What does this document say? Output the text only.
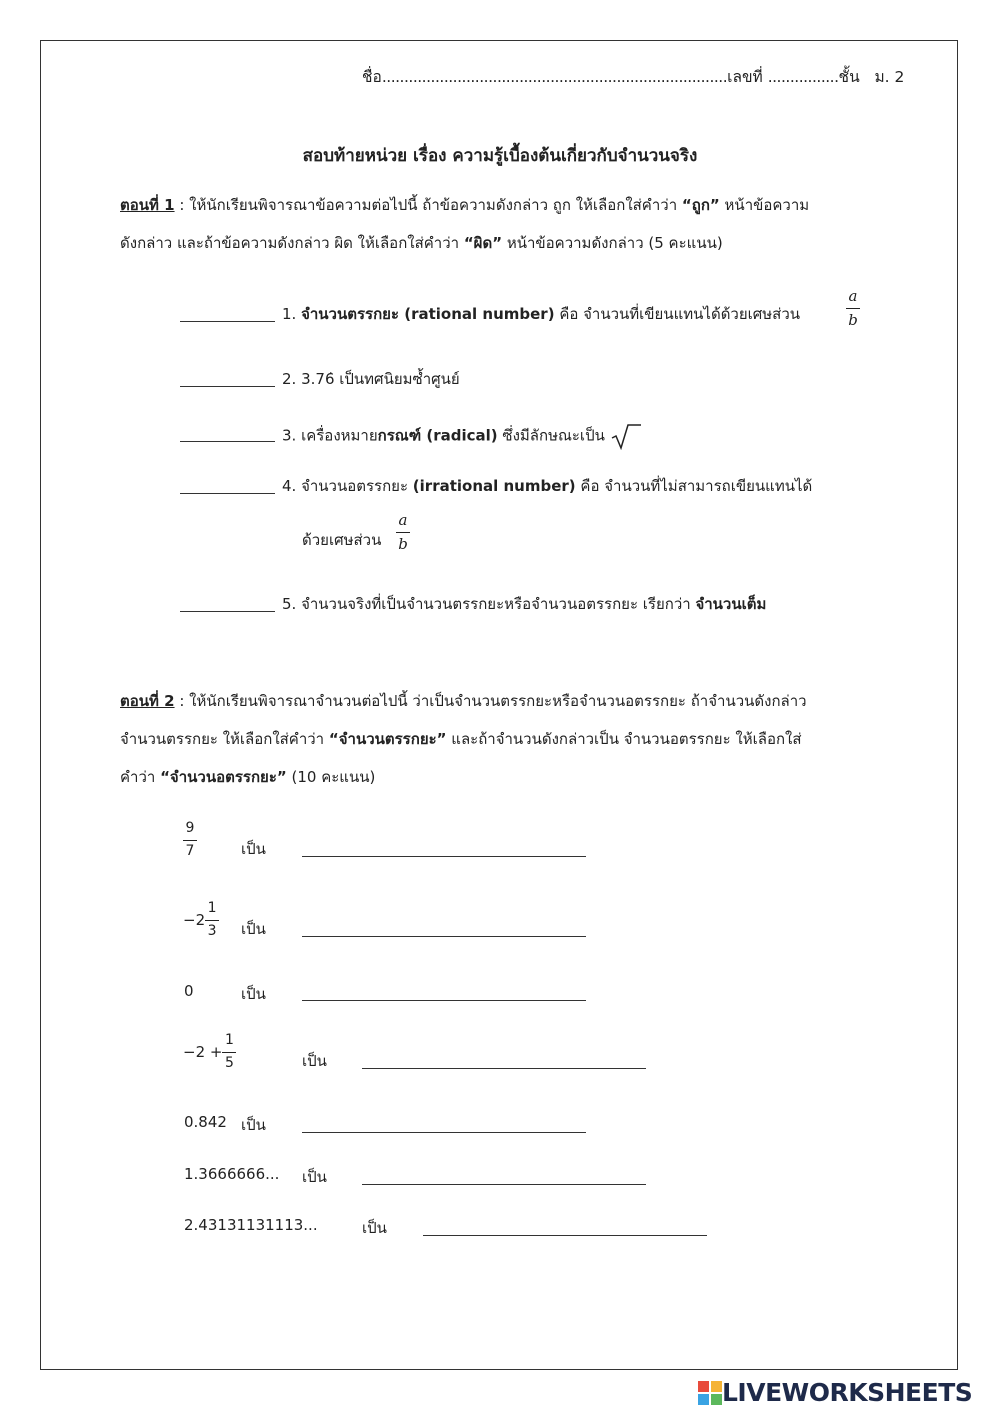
ชื่อ..............................................................................เลขที่ ................ชั้น ม. 2
สอบท้ายหน่วย เรื่อง ความรู้เบื้องต้นเกี่ยวกับจำนวนจริง
ตอนที่ 1 : ให้นักเรียนพิจารณาข้อความต่อไปนี้ ถ้าข้อความดังกล่าว ถูก ให้เลือกใส่คำว่า “ถูก” หน้าข้อความ
ดังกล่าว และถ้าข้อความดังกล่าว ผิด ให้เลือกใส่คำว่า “ผิด” หน้าข้อความดังกล่าว (5 คะแนน)
1. จำนวนตรรกยะ (rational number) คือ จำนวนที่เขียนแทนได้ด้วยเศษส่วน	$\frac{a}{b}$
2. 3.76̇ เป็นทศนิยมซ้ำศูนย์
3. เครื่องหมายกรณฑ์ (radical) ซึ่งมีลักษณะเป็น
4. จำนวนอตรรกยะ (irrational number) คือ จำนวนที่ไม่สามารถเขียนแทนได้
ด้วยเศษส่วน $\frac{a}{b}$
5. จำนวนจริงที่เป็นจำนวนตรรกยะหรือจำนวนอตรรกยะ เรียกว่า จำนวนเต็ม
ตอนที่ 2 : ให้นักเรียนพิจารณาจำนวนต่อไปนี้ ว่าเป็นจำนวนตรรกยะหรือจำนวนอตรรกยะ ถ้าจำนวนดังกล่าว
จำนวนตรรกยะ ให้เลือกใส่คำว่า “จำนวนตรรกยะ” และถ้าจำนวนดังกล่าวเป็น จำนวนอตรรกยะ ให้เลือกใส่
คำว่า “จำนวนอตรรกยะ” (10 คะแนน)
$\frac{9}{7}$	เป็น
$-2 \frac{1}{3}$ เป็น
0	เป็น
$-2 + \frac{1}{5}$	เป็น
0.842 เป็น
1.3666666... เป็น
2.43131131113...	เป็น
LIVEWORKSHEETS
